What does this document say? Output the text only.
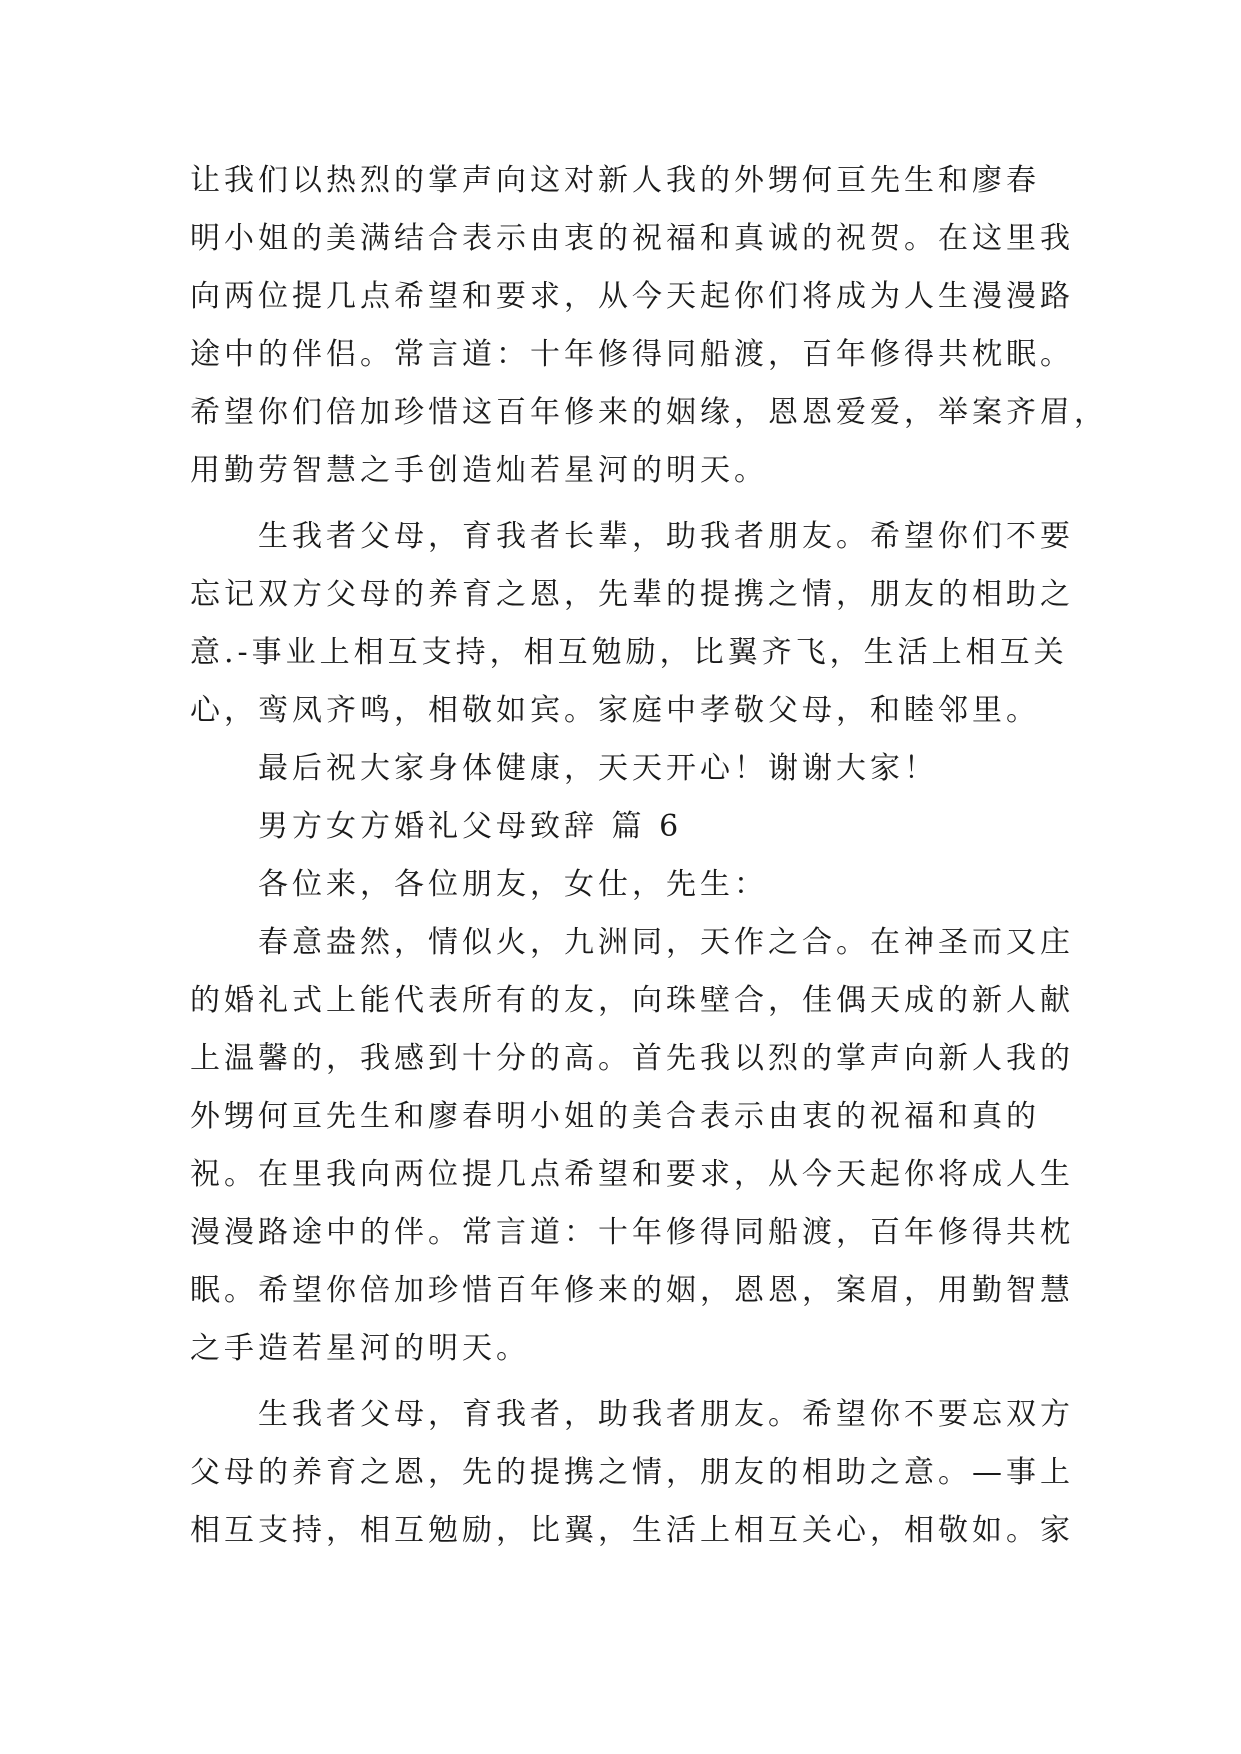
让我们以热烈的掌声向这对新人我的外甥何亘先生和廖春
明小姐的美满结合表示由衷的祝福和真诚的祝贺。在这里我
向两位提几点希望和要求，从今天起你们将成为人生漫漫路
途中的伴侣。常言道：十年修得同船渡，百年修得共枕眠。
希望你们倍加珍惜这百年修来的姻缘，恩恩爱爱，举案齐眉，
用勤劳智慧之手创造灿若星河的明天。
生我者父母，育我者长辈，助我者朋友。希望你们不要
忘记双方父母的养育之恩，先辈的提携之情，朋友的相助之
意.-事业上相互支持，相互勉励，比翼齐飞，生活上相互关
心，鸾凤齐鸣，相敬如宾。家庭中孝敬父母，和睦邻里。
最后祝大家身体健康，天天开心！谢谢大家！
男方女方婚礼父母致辞 篇 6
各位来，各位朋友，女仕，先生：
春意盎然，情似火，九洲同，天作之合。在神圣而又庄
的婚礼式上能代表所有的友，向珠壁合，佳偶天成的新人献
上温馨的，我感到十分的高。首先我以烈的掌声向新人我的
外甥何亘先生和廖春明小姐的美合表示由衷的祝福和真的
祝。在里我向两位提几点希望和要求，从今天起你将成人生
漫漫路途中的伴。常言道：十年修得同船渡，百年修得共枕
眠。希望你倍加珍惜百年修来的姻，恩恩，案眉，用勤智慧
之手造若星河的明天。
生我者父母，育我者，助我者朋友。希望你不要忘双方
父母的养育之恩，先的提携之情，朋友的相助之意。—事上
相互支持，相互勉励，比翼，生活上相互关心，相敬如。家
